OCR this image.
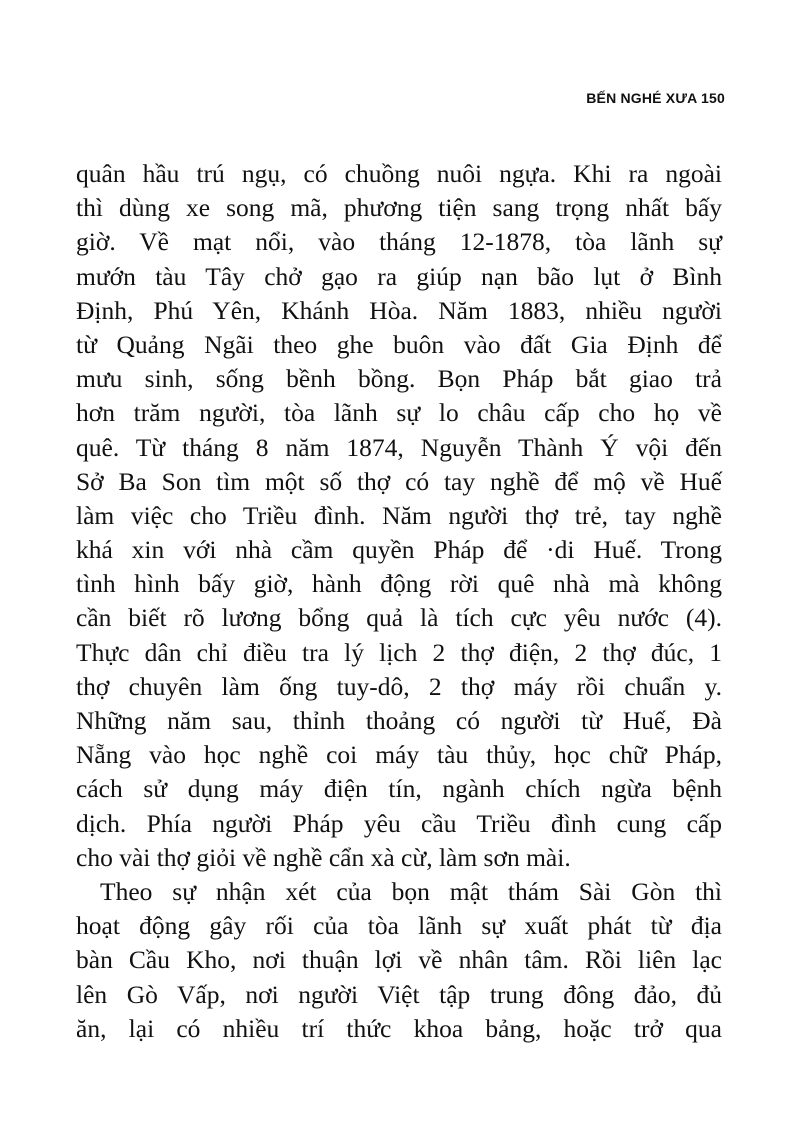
BẾN NGHÉ XƯA 150
quân hầu trú ngụ, có chuồng nuôi ngựa. Khi ra ngoài
thì dùng xe song mã, phương tiện sang trọng nhất bấy
giờ. Về mạt nổi, vào tháng 12-1878, tòa lãnh sự
mướn tàu Tây chở gạo ra giúp nạn bão lụt ở Bình
Định, Phú Yên, Khánh Hòa. Năm 1883, nhiều người
từ Quảng Ngãi theo ghe buôn vào đất Gia Định để
mưu sinh, sống bềnh bồng. Bọn Pháp bắt giao trả
hơn trăm người, tòa lãnh sự lo châu cấp cho họ về
quê. Từ tháng 8 năm 1874, Nguyễn Thành Ý vội đến
Sở Ba Son tìm một số thợ có tay nghề để mộ về Huế
làm việc cho Triều đình. Năm người thợ trẻ, tay nghề
khá xin với nhà cầm quyền Pháp để ·di Huế. Trong
tình hình bấy giờ, hành động rời quê nhà mà không
cần biết rõ lương bổng quả là tích cực yêu nước (4).
Thực dân chỉ điều tra lý lịch 2 thợ điện, 2 thợ đúc, 1
thợ chuyên làm ống tuy-dô, 2 thợ máy rồi chuẩn y.
Những năm sau, thỉnh thoảng có người từ Huế, Đà
Nẵng vào học nghề coi máy tàu thủy, học chữ Pháp,
cách sử dụng máy điện tín, ngành chích ngừa bệnh
dịch. Phía người Pháp yêu cầu Triều đình cung cấp
cho vài thợ giỏi về nghề cẩn xà cừ, làm sơn mài.
Theo sự nhận xét của bọn mật thám Sài Gòn thì
hoạt động gây rối của tòa lãnh sự xuất phát từ địa
bàn Cầu Kho, nơi thuận lợi về nhân tâm. Rồi liên lạc
lên Gò Vấp, nơi người Việt tập trung đông đảo, đủ
ăn, lại có nhiều trí thức khoa bảng, hoặc trở qua
